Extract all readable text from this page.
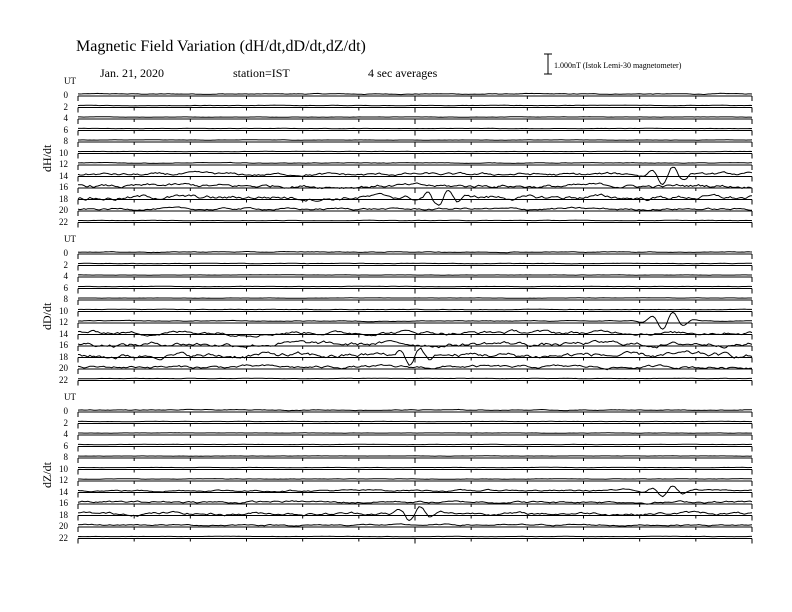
Magnetic Field Variation (dH/dt,dD/dt,dZ/dt)
Jan. 21, 2020	station=IST	4 sec averages
1.000nT (Istok Lemi-30 magnetometer)
dH/dt
UT
0
2
4
6
8
10
12
14
16
18
20
22
dD/dt
UT
0
2
4
6
8
10
12
14
16
18
20
22
dZ/dt
UT
0
2
4
6
8
10
12
14
16
18
20
22
